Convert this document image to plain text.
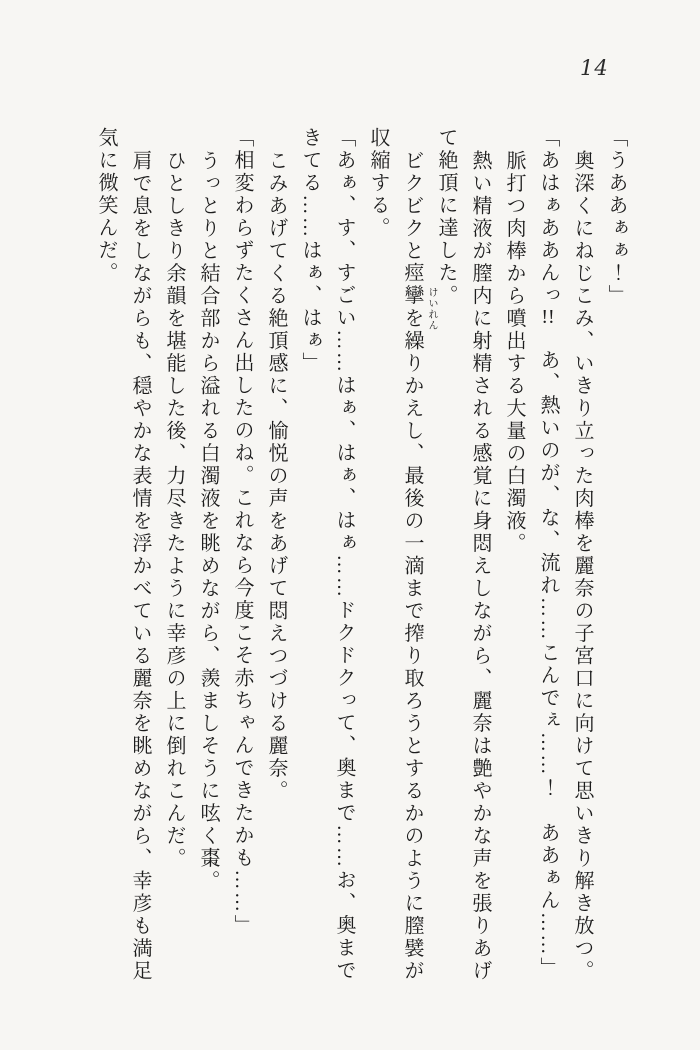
14

「うああぁぁ！」

奥深くにねじこみ、いきり立った肉棒を麗奈の子宮口に向けて思いきり解き放つ。

「あはぁああんっ!!　あ、熱いのが、な、流れ……こんでぇ……！　ああぁん……」

脈打つ肉棒から噴出する大量の白濁液。

熱い精液が膣内に射精される感覚に身悶えしながら、麗奈は艶やかな声を張りあげて絶頂に達した。

ビクビクと痙攣
けいれん
を繰りかえし、最後の一滴まで搾り取ろうとするかのように膣襞が収縮する。

「あぁ、す、すごい……はぁ、はぁ、はぁ……ドクドクって、奥まで……お、奥まできてる……はぁ、はぁ」

こみあげてくる絶頂感に、愉悦の声をあげて悶えつづける麗奈。

「相変わらずたくさん出したのね。これなら今度こそ赤ちゃんできたかも……」

うっとりと結合部から溢れる白濁液を眺めながら、羨ましそうに呟く棗。

ひとしきり余韻を堪能した後、力尽きたように幸彦の上に倒れこんだ。

肩で息をしながらも、穏やかな表情を浮かべている麗奈を眺めながら、幸彦も満足気に微笑んだ。
